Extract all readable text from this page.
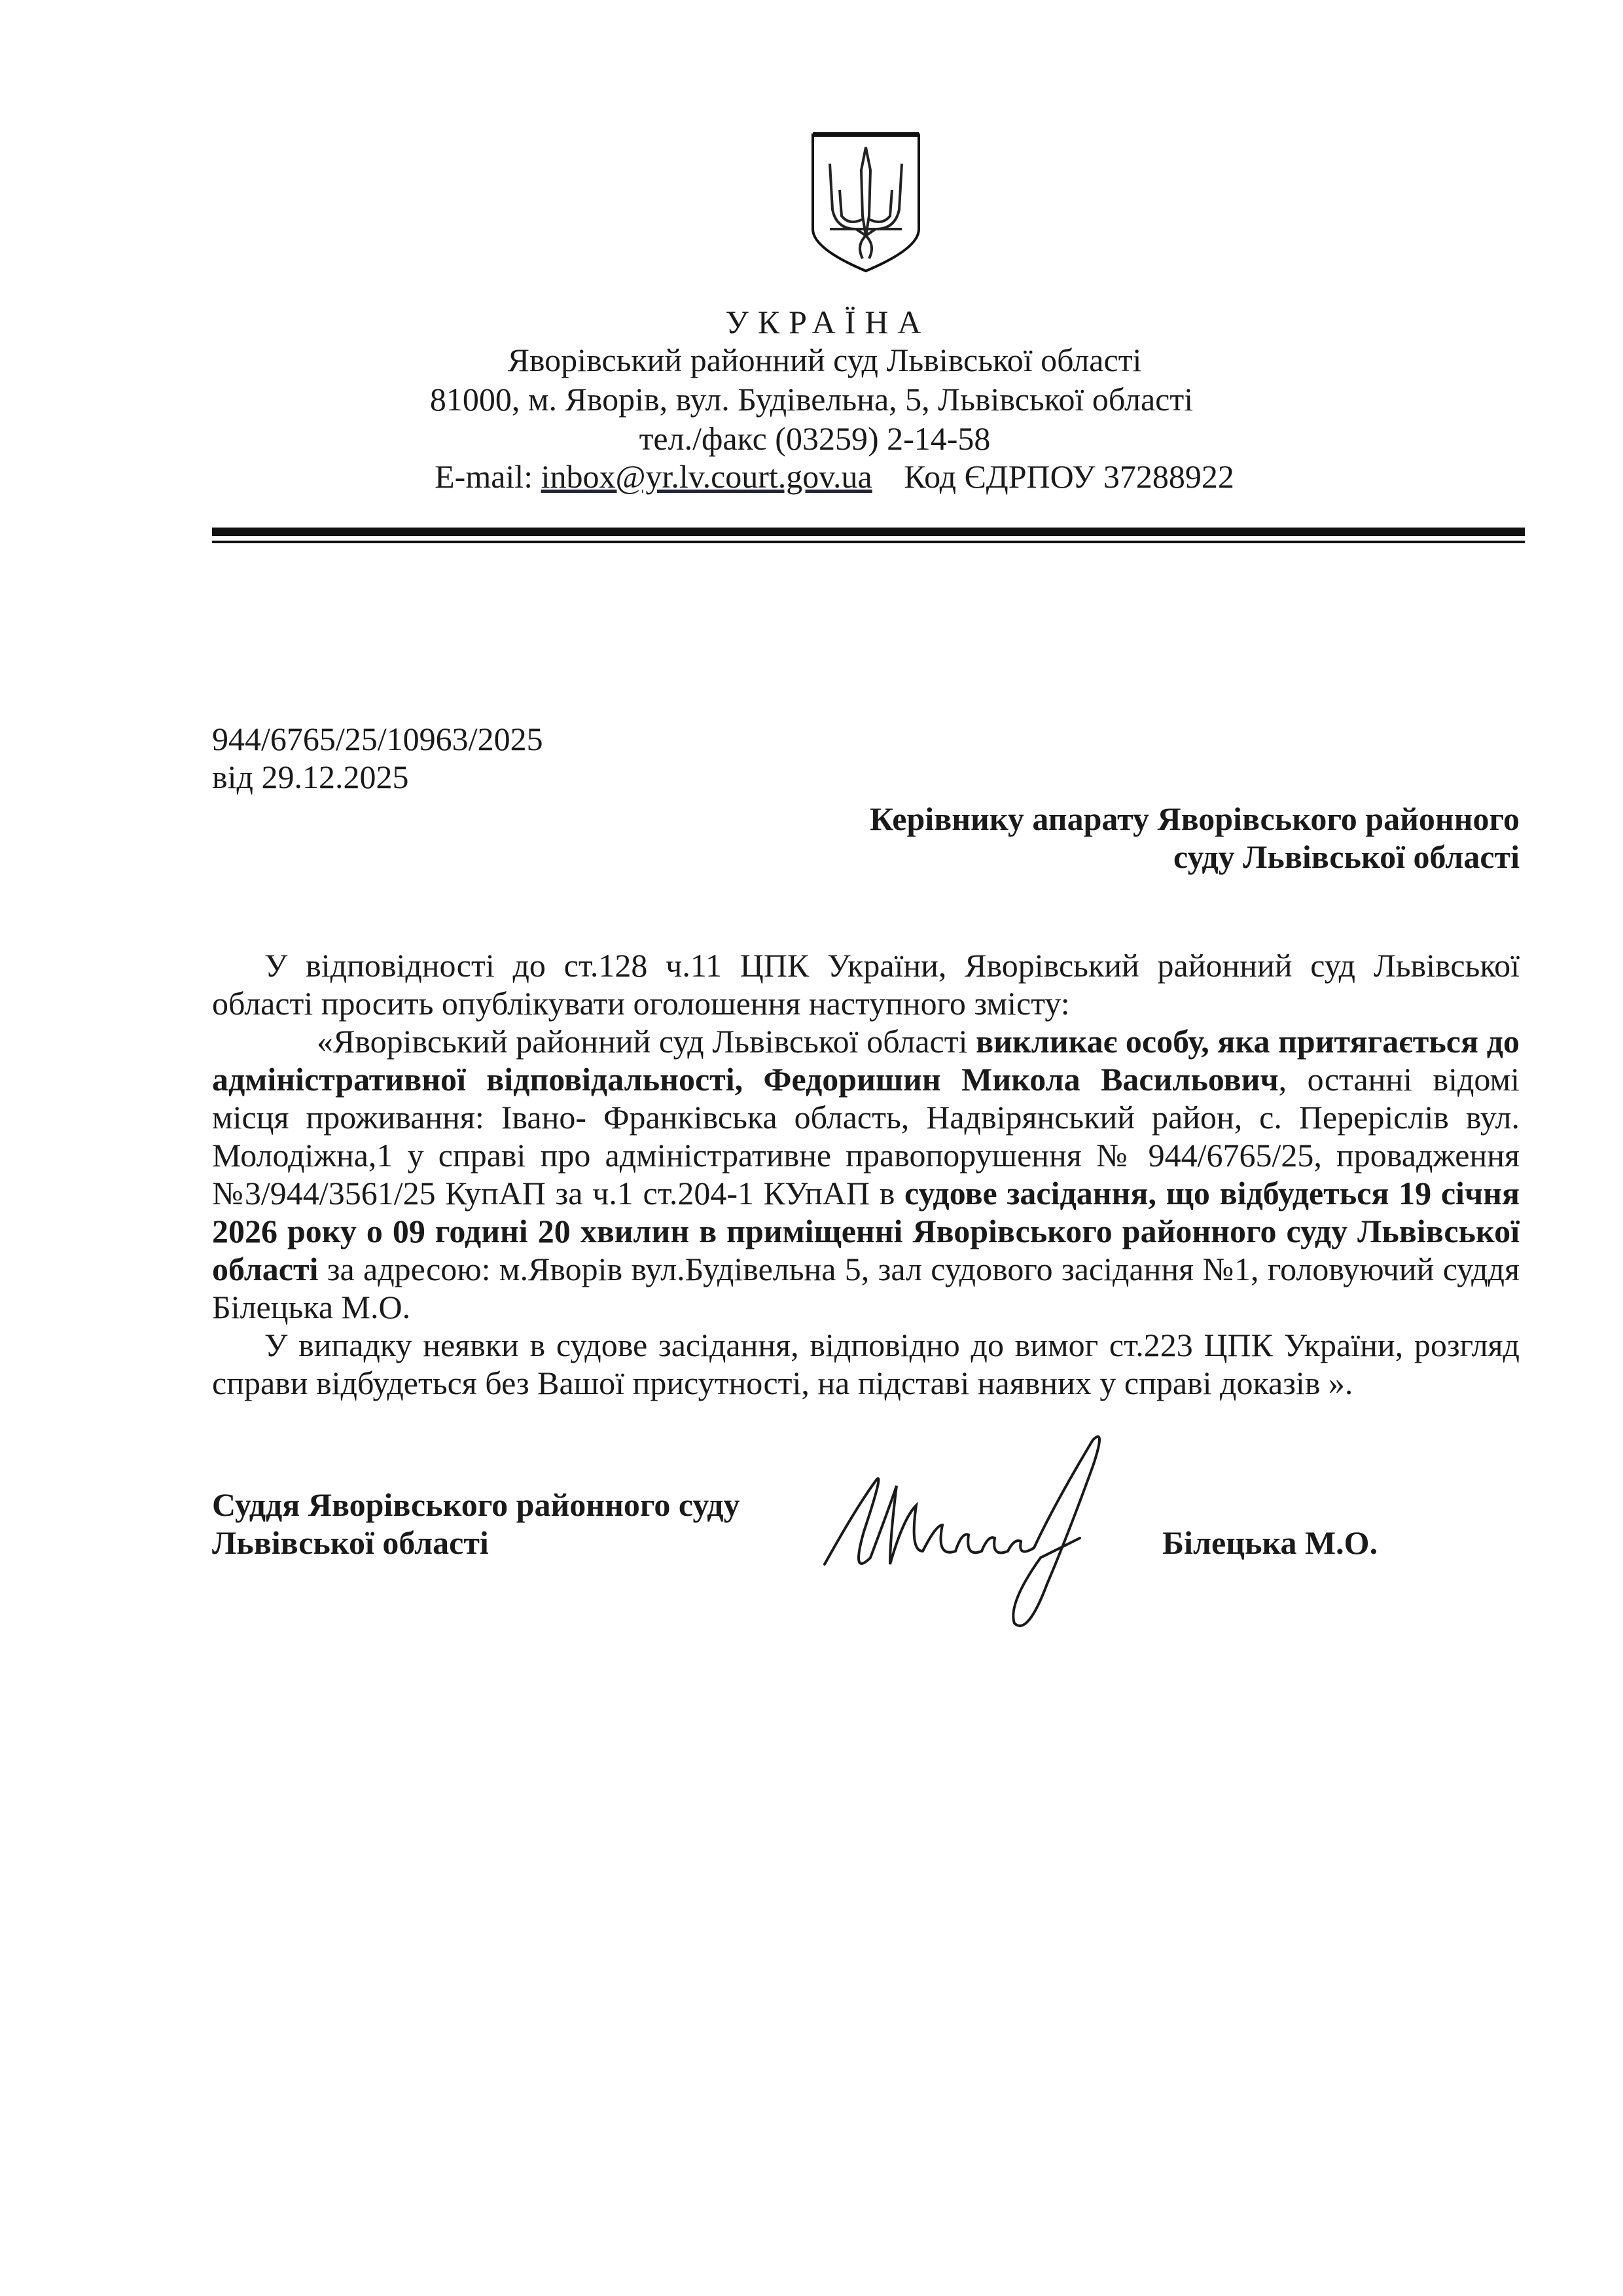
УКРАЇНА
Яворівський районний суд Львівської області
81000, м. Яворів, вул. Будівельна, 5, Львівської області
тел./факс (03259) 2-14-58
E-mail: inbox@yr.lv.court.gov.ua Код ЄДРПОУ 37288922
944/6765/25/10963/2025
від 29.12.2025
Керівнику апарату Яворівського районного
суду Львівської області

У відповідності до ст.128 ч.11 ЦПК України, Яворівський районний суд Львівської області просить опублікувати оголошення наступного змісту:

«Яворівський районний суд Львівської області викликає особу, яка притягається до адміністративної відповідальності, Федоришин Микола Васильович, останні відомі місця проживання: Івано- Франківська область, Надвірянський район, с. Переріслів вул. Молодіжна,1 у справі про адміністративне правопорушення № 944/6765/25, провадження №3/944/3561/25 КупАП за ч.1 ст.204-1 КУпАП в судове засідання, що відбудеться 19 січня 2026 року о 09 годині 20 хвилин в приміщенні Яворівського районного суду Львівської області за адресою: м.Яворів вул.Будівельна 5, зал судового засідання №1, головуючий суддя Білецька М.О.

У випадку неявки в судове засідання, відповідно до вимог ст.223 ЦПК України, розгляд справи відбудеться без Вашої присутності, на підставі наявних у справі доказів ».

Суддя Яворівського районного суду
Львівської області	Білецька М.О.
